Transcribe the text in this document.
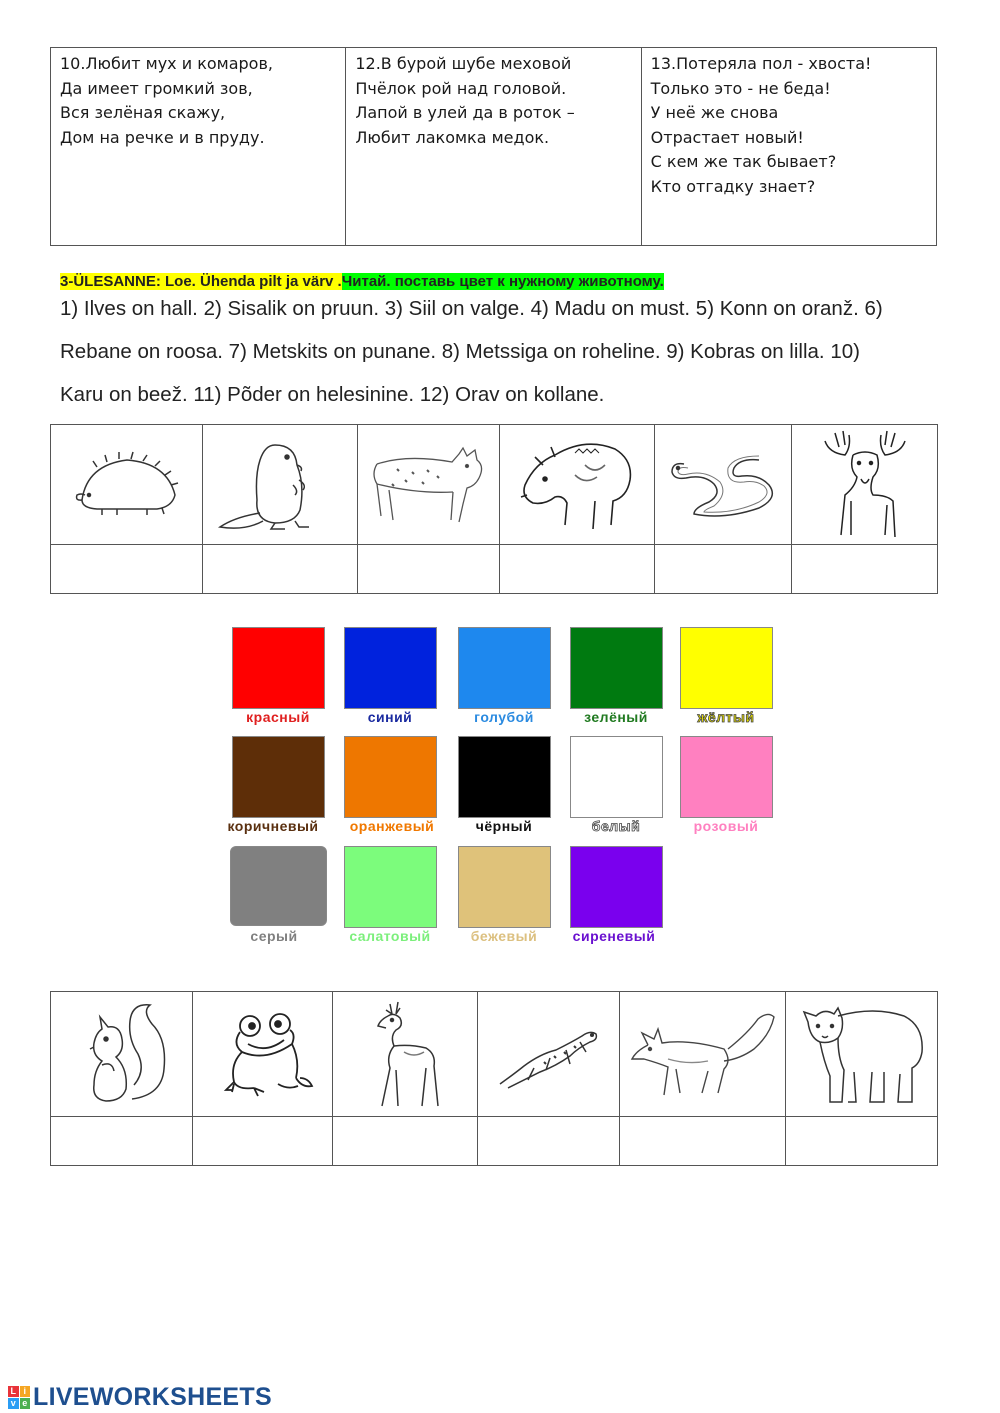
10.Любит мух и комаров,
Да имеет громкий зов,
Вся зелёная скажу,
Дом на речке и в пруду.

12.В бурой шубе меховой
Пчёлок рой над головой.
Лапой в улей да в роток –
Любит лакомка медок.

13.Потеряла пол - хвоста!
Только это - не беда!
У неё же снова
Отрастает новый!
С кем же так бывает?
Кто отгадку знает?
3-ÜLESANNE: Loe. Ühenda pilt ja värv .Читай. поставь цвет к нужному животному.
1) Ilves on hall. 2) Sisalik on pruun. 3) Siil on valge. 4) Madu on must. 5) Konn on oranž. 6)
Rebane on roosa. 7) Metskits on punane. 8) Metssiga on roheline. 9) Kobras on lilla. 10)
Karu on beež. 11) Põder on helesinine. 12) Orav on kollane.

красный	синий	голубой	зелёный	жёлтый
коричневый	оранжевый	чёрный	белый	розовый
серый	салатовый	бежевый	сиреневый

L i
v e LIVEWORKSHEETS
